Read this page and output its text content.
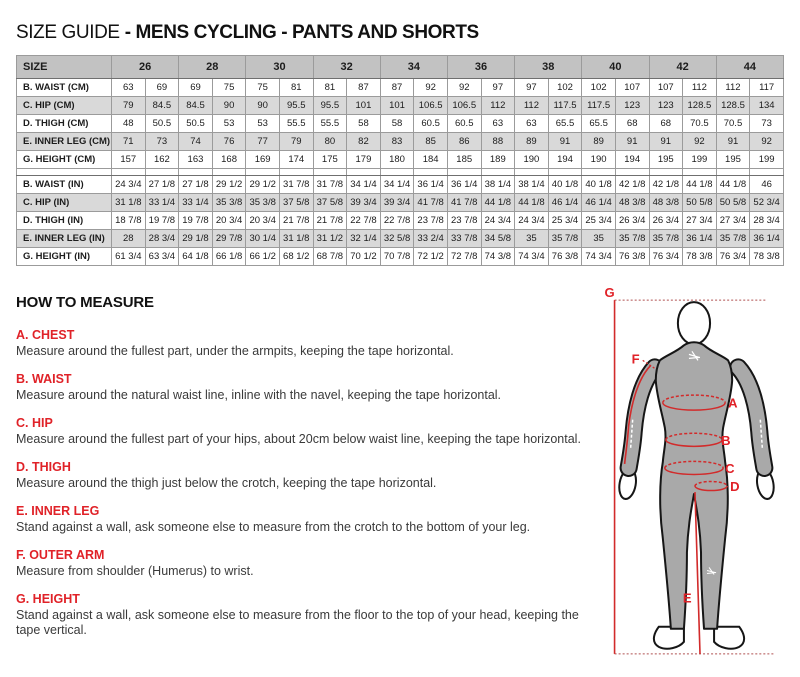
SIZE GUIDE - MENS CYCLING - PANTS AND SHORTS
SIZE	26		28		30		32		34		36		38		40		42		44	
B. WAIST (CM)	63	69	69	75	75	81	81	87	87	92	92	97	97	102	102	107	107	112	112	117
C. HIP (CM)	79	84.5	84.5	90	90	95.5	95.5	101	101	106.5	106.5	112	112	117.5	117.5	123	123	128.5	128.5	134
D. THIGH (CM)	48	50.5	50.5	53	53	55.5	55.5	58	58	60.5	60.5	63	63	65.5	65.5	68	68	70.5	70.5	73
E. INNER LEG (CM)	71	73	74	76	77	79	80	82	83	85	86	88	89	91	89	91	91	92	91	92
G. HEIGHT (CM)	157	162	163	168	169	174	175	179	180	184	185	189	190	194	190	194	195	199	195	199

B. WAIST (IN)	24 3/4	27 1/8	27 1/8	29 1/2	29 1/2	31 7/8	31 7/8	34 1/4	34 1/4	36 1/4	36 1/4	38 1/4	38 1/4	40 1/8	40 1/8	42 1/8	42 1/8	44 1/8	44 1/8	46
C. HIP (IN)	31 1/8	33 1/4	33 1/4	35 3/8	35 3/8	37 5/8	37 5/8	39 3/4	39 3/4	41 7/8	41 7/8	44 1/8	44 1/8	46 1/4	46 1/4	48 3/8	48 3/8	50 5/8	50 5/8	52 3/4
D. THIGH (IN)	18 7/8	19 7/8	19 7/8	20 3/4	20 3/4	21 7/8	21 7/8	22 7/8	22 7/8	23 7/8	23 7/8	24 3/4	24 3/4	25 3/4	25 3/4	26 3/4	26 3/4	27 3/4	27 3/4	28 3/4
E. INNER LEG (IN)	28	28 3/4	29 1/8	29 7/8	30 1/4	31 1/8	31 1/2	32 1/4	32 5/8	33 2/4	33 7/8	34 5/8	35	35 7/8	35	35 7/8	35 7/8	36 1/4	35 7/8	36 1/4
G. HEIGHT (IN)	61 3/4	63 3/4	64 1/8	66 1/8	66 1/2	68 1/2	68 7/8	70 1/2	70 7/8	72 1/2	72 7/8	74 3/8	74 3/4	76 3/8	74 3/4	76 3/8	76 3/4	78 3/8	76 3/4	78 3/8
HOW TO MEASURE
A. CHEST
Measure around the fullest part, under the armpits, keeping the tape horizontal.
B. WAIST
Measure around the natural waist line, inline with the navel, keeping the tape horizontal.
C. HIP
Measure around the fullest part of your hips, about 20cm below waist line, keeping the tape horizontal.
D. THIGH
Measure around the thigh just below the crotch, keeping the tape horizontal.
E. INNER LEG
Stand against a wall, ask someone else to measure from the crotch to the bottom of your leg.
F. OUTER ARM
Measure from shoulder (Humerus) to wrist.
G. HEIGHT
Stand against a wall, ask someone else to measure from the floor to the top of your head, keeping the tape vertical.
G
F
A
B
C
D
E
